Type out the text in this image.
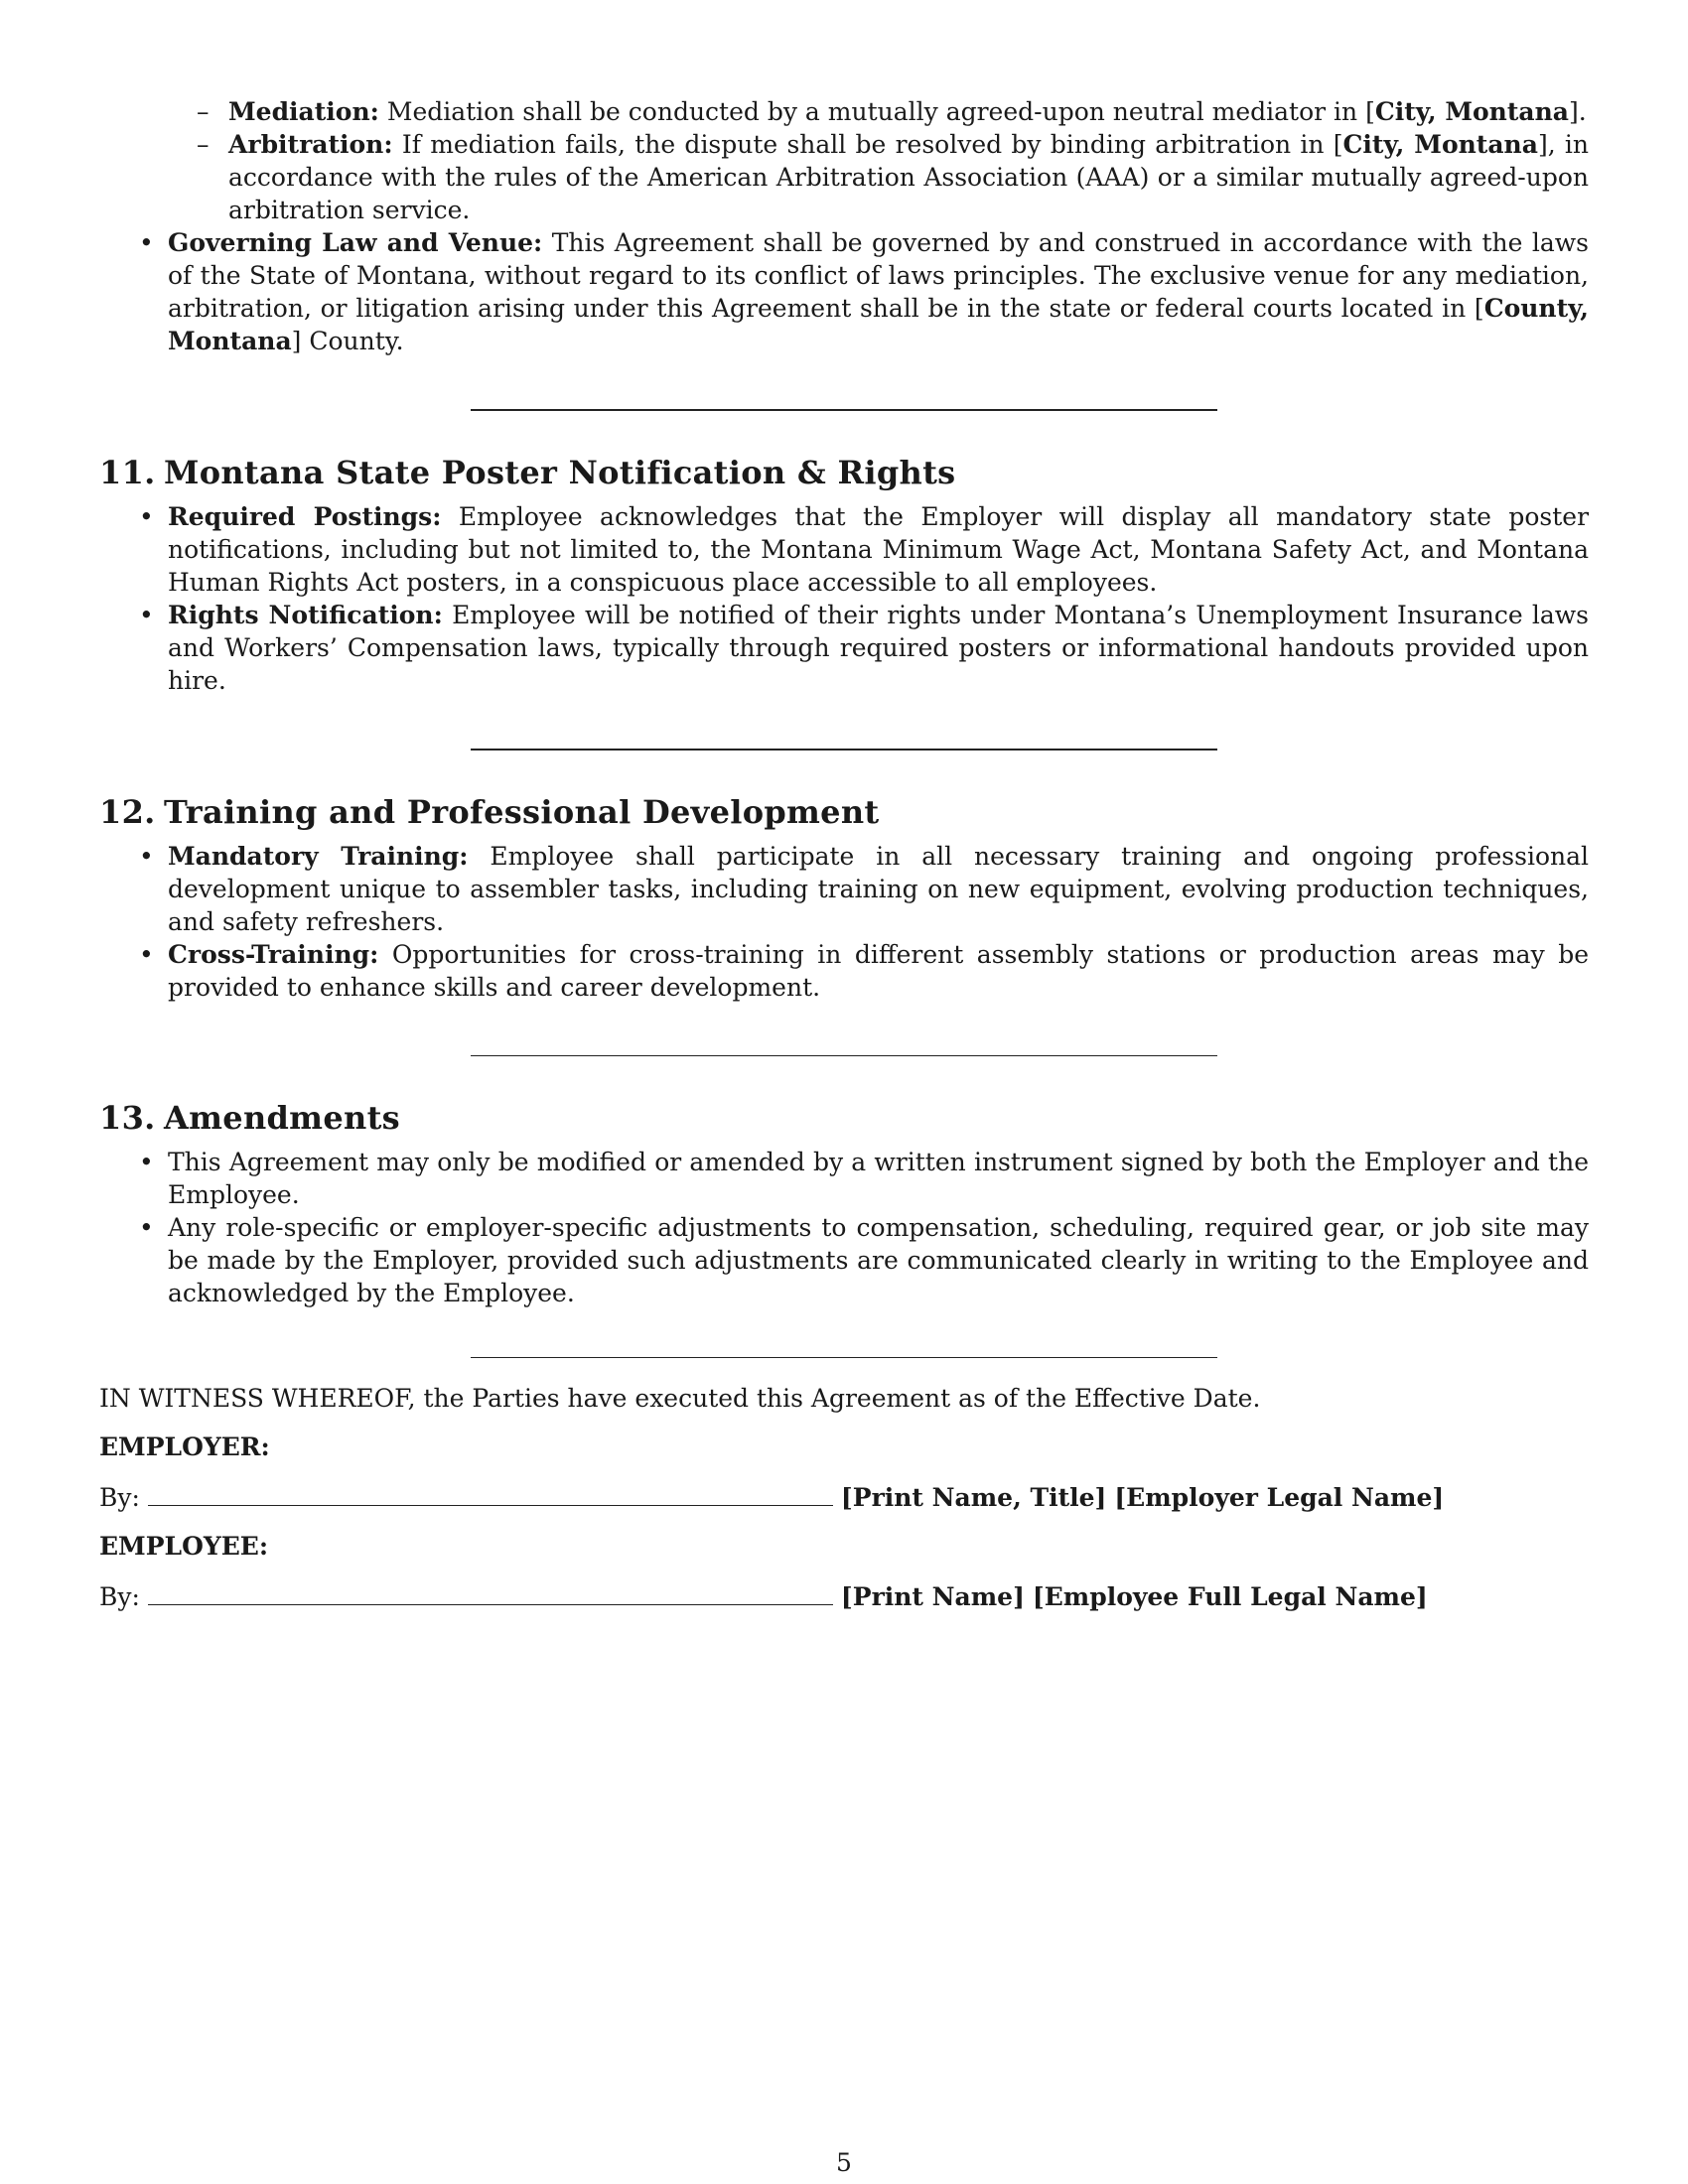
– Mediation: Mediation shall be conducted by a mutually agreed-upon neutral mediator in [City, Montana].

– Arbitration: If mediation fails, the dispute shall be resolved by binding arbitration in [City, Montana], in accordance with the rules of the American Arbitration Association (AAA) or a similar mutually agreed-upon arbitration service.

• Governing Law and Venue: This Agreement shall be governed by and construed in accordance with the laws of the State of Montana, without regard to its conflict of laws principles. The exclusive venue for any mediation, arbitration, or litigation arising under this Agreement shall be in the state or federal courts located in [County, Montana] County.

11. Montana State Poster Notification & Rights

• Required Postings: Employee acknowledges that the Employer will display all mandatory state poster notifications, including but not limited to, the Montana Minimum Wage Act, Montana Safety Act, and Montana Human Rights Act posters, in a conspicuous place accessible to all employees.

• Rights Notification: Employee will be notified of their rights under Montana’s Unemployment Insurance laws and Workers’ Compensation laws, typically through required posters or informational handouts provided upon hire.

12. Training and Professional Development

• Mandatory Training: Employee shall participate in all necessary training and ongoing professional development unique to assembler tasks, including training on new equipment, evolving production techniques, and safety refreshers.

• Cross-Training: Opportunities for cross-training in different assembly stations or production areas may be provided to enhance skills and career development.

13. Amendments

• This Agreement may only be modified or amended by a written instrument signed by both the Employer and the Employee.

• Any role-specific or employer-specific adjustments to compensation, scheduling, required gear, or job site may be made by the Employer, provided such adjustments are communicated clearly in writing to the Employee and acknowledged by the Employee.

IN WITNESS WHEREOF, the Parties have executed this Agreement as of the Effective Date.

EMPLOYER:

By:	[Print Name, Title] [Employer Legal Name]

EMPLOYEE:

By:	[Print Name] [Employee Full Legal Name]

5
